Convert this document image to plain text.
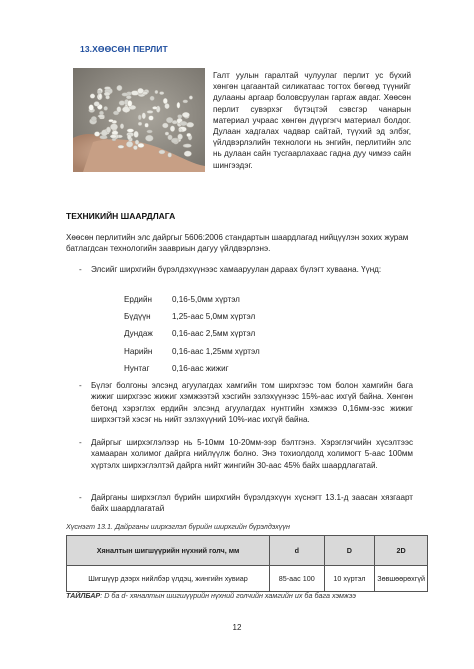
13.ХӨӨСӨН ПЕРЛИТ
Галт уулын гаралтай чулуулаг перлит ус бүхий хөнгөн цагаантай силикатаас тогтох бөгөөд түүнийг дулааны аргаар боловсруулан гаргаж авдаг. Хөөсөн перлит сувэрхэг бүтэцтэй сэвсгэр чанарын материал учраас хөнгөн дүүргэгч материал болдог. Дулаан хадгалах чадвар сайтай, түүхий эд элбэг, үйлдвэрлэлийн технологи нь энгийн, перлитийн элс нь дулаан сайн тусгаарлахаас гадна дуу чимээ сайн шингээдэг.
ТЕХНИКИЙН ШААРДЛАГА
Хөөсөн перлитийн элс дайргыг 5606:2006 стандартын шаардлагад нийцүүлэн зохих журам батлагдсан технологийн заавриын дагуу үйлдвэрлэнэ.
- Элсийг ширхгийн бүрэлдэхүүнээс хамааруулан дараах бүлэгт хуваана. Үүнд:
Ердийн 0,16-5,0мм хүртэл
Бүдүүн	1,25-аас 5,0мм хүртэл
Дундаж 0,16-аас 2,5мм хүртэл
Нарийн 0,16-аас 1,25мм хүртэл
Нунтаг	0,16-аас жижиг
- Бүлэг болгоны элсэнд агуулагдах хамгийн том ширхгээс том болон хамгийн бага жижиг ширхгээс жижиг хэмжээтэй хэсгийн эзлэхүүнээс 15%-аас ихгүй байна. Хөнгөн бетонд хэрэглэх ердийн элсэнд агуулагдах нунтгийн хэмжээ 0,16мм-ээс жижиг ширхэгтэй хэсэг нь нийт эзлэхүүний 10%-иас ихгүй байна.
- Дайргыг ширхэглэлээр нь 5-10мм 10-20мм-ээр бэлтгэнэ. Хэрэглэгчийн хүсэлтээс хамааран холимог дайрга нийлүүлж болно. Энэ тохиолдолд холимогт 5-аас 100мм хүртэлх ширхэглэлтэй дайрга нийт жингийн 30-аас 45% байх шаардлагатай.
- Дайрганы ширхэглэл бүрийн ширхгийн бүрэлдэхүүн хүснэгт 13.1-д заасан хязгаарт байх шаардлагатай
Хүснэгт 13.1. Дайрганы ширхэглэл бүрийн ширхгийн бүрэлдэхүүн
Хяналтын шигшүүрийн нүхний голч, мм	d	D	2D
Шигшүүр дээрх нийлбэр үлдэц, жингийн хувиар	85-аас 100	10 хүртэл	Зөвшөөрөхгүй
ТАЙЛБАР: D ба d- хяналтын шигшүүрийн нүхний голчийн хамгийн их ба бага хэмжээ
12
